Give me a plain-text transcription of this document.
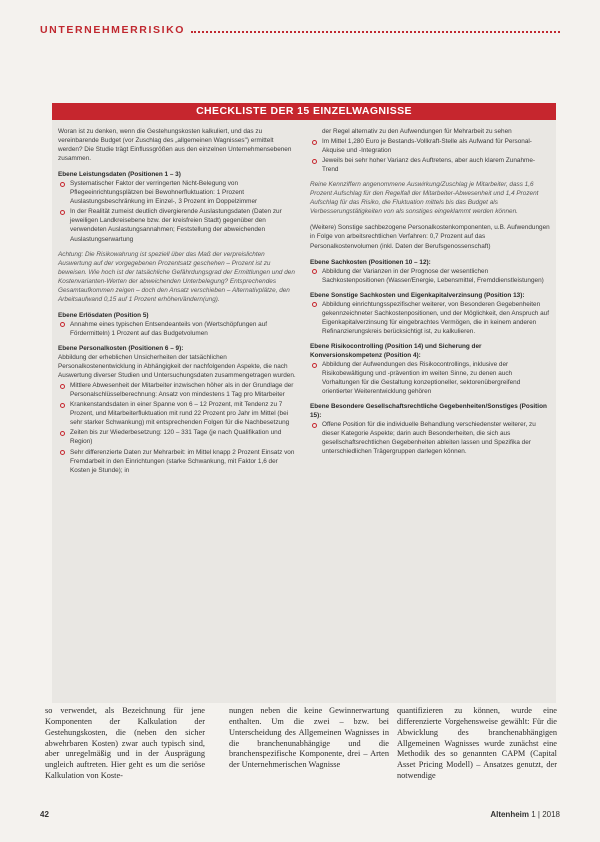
UNTERNEHMERRISIKO
CHECKLISTE DER 15 EINZELWAGNISSE

Woran ist zu denken, wenn die Gestehungskosten kalkuliert, und das zu vereinbarende Budget (vor Zuschlag des „allgemeinen Wagnisses") ermittelt werden? Die Studie trägt Einflussgrößen aus den einzelnen Unternehmensebenen zusammen.

Ebene Leistungsdaten (Positionen 1 – 3)
Systematischer Faktor der verringerten Nicht-Belegung von Pflegeeinrichtungsplätzen bei Bewohnerfluktuation: 1 Prozent Auslastungsbeschränkung im Einzel-, 3 Prozent im Doppelzimmer
In der Realität zumeist deutlich divergierende Auslastungsdaten (Daten zur jeweiligen Landkreisebene bzw. der kreisfreien Stadt) gegenüber den verwendeten Auslastungsannahmen; Feststellung der abweichenden Auslastungserwartung

Achtung: Die Risikowahrung ist speziell über das Maß der verpreislichten Auswertung auf der vorgegebenen Prozentsatz geschehen – Prozent ist zu beweisen. Wie hoch ist der tatsächliche Gefährdungsgrad der Ermittlungen und den Kostenvarianten-Werten der abweichenden Unterbelegung? Entsprechendes Gesamtaufkommen zeigen – doch den Ansatz verschieben – Alternativplätze, den Arbeitsaufwand 0,15 auf 1 Prozent erhöhen/ändern(ung).

Ebene Erlösdaten (Position 5)
Annahme eines typischen Entsendeanteils von (Wertschöpfungen auf Fördermitteln) 1 Prozent auf das Budgetvolumen
Ebene Personalkosten (Positionen 6 – 9):

Abbildung der erheblichen Unsicherheiten der tatsächlichen Personalkostenentwicklung in Abhängigkeit der nachfolgenden Aspekte, die nach Auswertung diverser Studien und Untersuchungsdaten zusammengetragen wurden.

Mittlere Abwesenheit der Mitarbeiter inzwischen höher als in der Grundlage der Personalschlüsselberechnung: Ansatz von mindestens 1 Tag pro Mitarbeiter
Krankenstandsdaten in einer Spanne von 6 – 12 Prozent, mit Tendenz zu 7 Prozent, und Mitarbeiterfluktuation mit rund 22 Prozent pro Jahr im Mittel (bei sehr starker Schwankung) mit entsprechenden Folgen für die Nachbesetzung
Zeiten bis zur Wiederbesetzung: 120 – 331 Tage (je nach Qualifikation und Region)
Sehr differenzierte Daten zur Mehrarbeit: im Mittel knapp 2 Prozent Einsatz von Fremdarbeit in den Einrichtungen (starke Schwankung, mit Faktor 1,6 der Kosten je Stunde); in

der Regel alternativ zu den Aufwendungen für Mehrarbeit zu sehen

Im Mittel 1,280 Euro je Bestands-Vollkraft-Stelle als Aufwand für Personal-Akquise und -Integration
Jeweils bei sehr hoher Varianz des Auftretens, aber auch klarem Zunahme-Trend

Reine Kennziffern angenommene Auswirkung/Zuschlag je Mitarbeiter, dass 1,6 Prozent Aufschlag für den Regelfall der Mitarbeiter-Abwesenheit und 1,4 Prozent Aufschlag für das Risiko, die Fluktuation mittels bis das Budget als Verbesserungstätigkeiten von als sonstiges eingeklammt werden können.

(Weitere) Sonstige sachbezogene Personalkostenkomponenten, u.B. Aufwendungen in Folge von arbeitsrechtlichen Verfahren: 0,7 Prozent auf das Personalkostenvolumen (inkl. Daten der Berufsgenossenschaft)

Ebene Sachkosten (Positionen 10 – 12):
Abbildung der Varianzen in der Prognose der wesentlichen Sachkostenpositionen (Wasser/Energie, Lebensmittel, Fremddienstleistungen)
Ebene Sonstige Sachkosten und Eigenkapitalverzinsung (Position 13):
Abbildung einrichtungsspezifischer weiterer, von Besonderen Gegebenheiten gekennzeichneter Sachkostenpositionen, und der Möglichkeit, den Anspruch auf Eigenkapitalverzinsung für eingebrachtes Vermögen, die in keinem anderen Refinanzierungskreis berücksichtigt ist, zu kalkulieren.
Ebene Risikocontrolling (Position 14) und Sicherung der Konversionskompetenz (Position 4):
Abbildung der Aufwendungen des Risikocontrollings, inklusive der Risikobewältigung und -prävention im weiten Sinne, zu denen auch Vorhaltungen für die Gestaltung konzeptioneller, sektorenübergreifend orientierter Weiterentwicklung gehören
Ebene Besondere Gesellschaftsrechtliche Gegebenheiten/Sonstiges (Position 15):
Offene Position für die individuelle Behandlung verschiedenster weiterer, zu dieser Kategorie Aspekte; darin auch Besonderheiten, die sich aus gesellschaftsrechtlichen Gegebenheiten ableiten lassen und Spezifika der unterschiedlichen Trägergruppen darlegen können.
so verwendet, als Bezeichnung für jene Komponenten der Kalkulation der Gestehungskosten, die (neben den sicher abwehrbaren Kosten) zwar auch typisch sind, aber unregelmäßig und in der Ausprägung ungleich auftreten. Hier geht es um die seriöse Kalkulation von Koste-
nungen neben die keine Gewinnerwartung enthalten. Um die zwei – bzw. bei Unterscheidung des Allgemeinen Wagnisses in die branchenunabhängige und die branchenspezifische Komponente, drei – Arten der Unternehmerischen Wagnisse
quantifizieren zu können, wurde eine differenzierte Vorgehensweise gewählt: Für die Abwicklung des branchenabhängigen Allgemeinen Wagnisses wurde zunächst eine Methodik des so genannten CAPM (Capital Asset Pricing Modell) – Ansatzes genutzt, der notwendige
42	Altenheim 1 | 2018
